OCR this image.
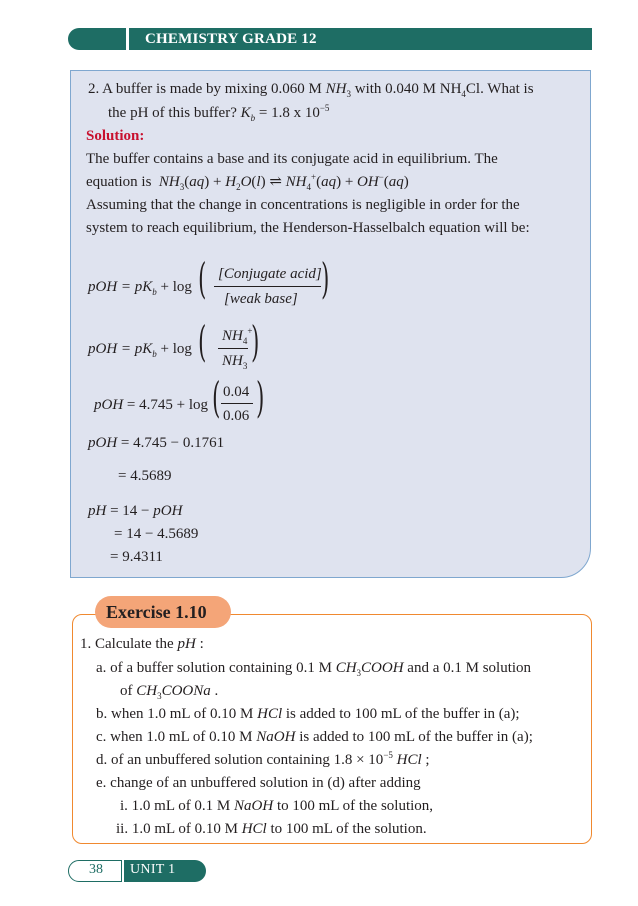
CHEMISTRY GRADE 12
2. A buffer is made by mixing 0.060 M $NH_3$ with 0.040 M $NH_4Cl$. What is
the pH of this buffer? $K_b = 1.8$ x $10^{-5}$
Solution:
The buffer contains a base and its conjugate acid in equilibrium. The
equation is $NH_3(aq) + H_2O(l)$ ⇌ $NH_4^+(aq) + OH^-(aq)$
Assuming that the change in concentrations is negligible in order for the
system to reach equilibrium, the Henderson-Hasselbalch equation will be:
pOH = $pK_b + \log$ ( [Conjugate acid]
[weak base] )
pOH = $pK_b + \log$ ( $NH_4^+$
$NH_3$ )
pOH = 4.745 + log ( 0.04
0.06 )
pOH = 4.745 − 0.1761
= 4.5689
pH = 14 − pOH
= 14 − 4.5689
= 9.4311
Exercise 1.10
1. Calculate the pH :
a. of a buffer solution containing 0.1 M $CH_3COOH$ and a 0.1 M solution
of $CH_3COONa$ .
b. when 1.0 mL of 0.10 M HCl is added to 100 mL of the buffer in (a);
c. when 1.0 mL of 0.10 M NaOH is added to 100 mL of the buffer in (a);
d. of an unbuffered solution containing $1.8 \times 10^{-5}$ HCl ;
e. change of an unbuffered solution in (d) after adding
i. 1.0 mL of 0.1 M NaOH to 100 mL of the solution,
ii. 1.0 mL of 0.10 M HCl to 100 mL of the solution.
38 UNIT 1
